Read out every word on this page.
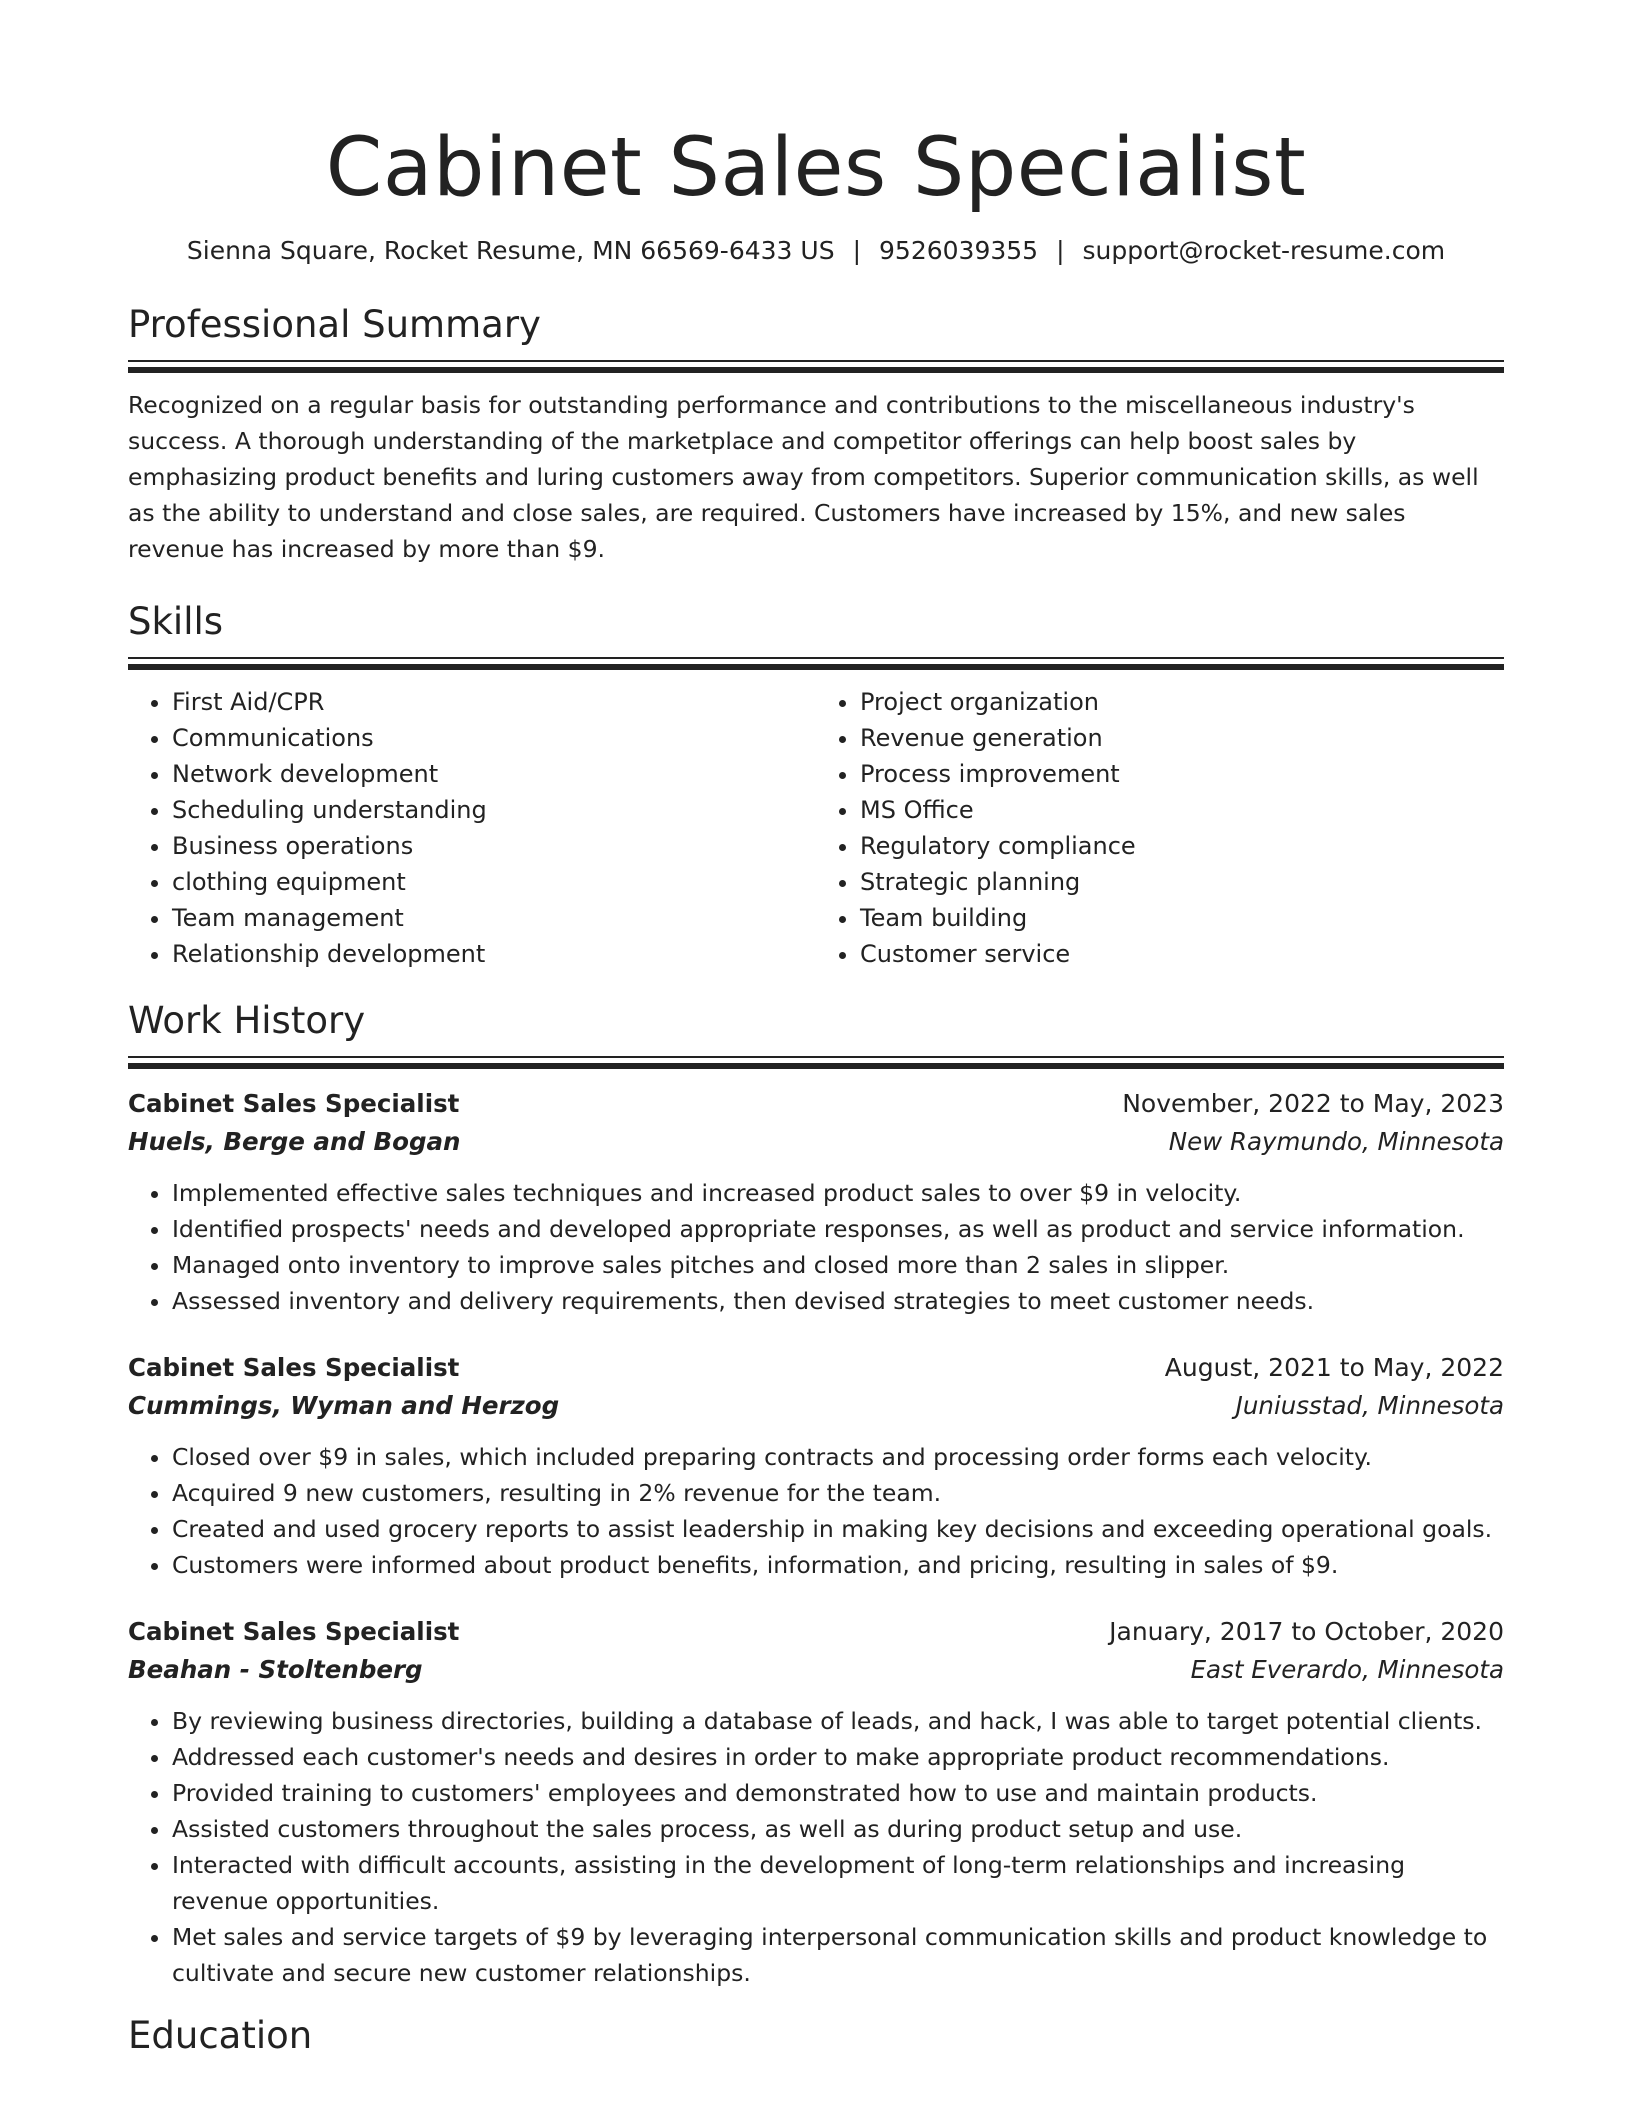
Cabinet Sales Specialist
Sienna Square, Rocket Resume, MN 66569-6433 US | 9526039355 | support@rocket-resume.com
Professional Summary
Recognized on a regular basis for outstanding performance and contributions to the miscellaneous industry's success. A thorough understanding of the marketplace and competitor offerings can help boost sales by emphasizing product benefits and luring customers away from competitors. Superior communication skills, as well as the ability to understand and close sales, are required. Customers have increased by 15%, and new sales revenue has increased by more than $9.
Skills
• First Aid/CPR
• Communications
• Network development
• Scheduling understanding
• Business operations
• clothing equipment
• Team management
• Relationship development
• Project organization
• Revenue generation
• Process improvement
• MS Office
• Regulatory compliance
• Strategic planning
• Team building
• Customer service
Work History
Cabinet Sales Specialist	November, 2022 to May, 2023
Huels, Berge and Bogan	New Raymundo, Minnesota
• Implemented effective sales techniques and increased product sales to over $9 in velocity.
• Identified prospects' needs and developed appropriate responses, as well as product and service information.
• Managed onto inventory to improve sales pitches and closed more than 2 sales in slipper.
• Assessed inventory and delivery requirements, then devised strategies to meet customer needs.
Cabinet Sales Specialist	August, 2021 to May, 2022
Cummings, Wyman and Herzog	Juniusstad, Minnesota
• Closed over $9 in sales, which included preparing contracts and processing order forms each velocity.
• Acquired 9 new customers, resulting in 2% revenue for the team.
• Created and used grocery reports to assist leadership in making key decisions and exceeding operational goals.
• Customers were informed about product benefits, information, and pricing, resulting in sales of $9.
Cabinet Sales Specialist	January, 2017 to October, 2020
Beahan - Stoltenberg	East Everardo, Minnesota
• By reviewing business directories, building a database of leads, and hack, I was able to target potential clients.
• Addressed each customer's needs and desires in order to make appropriate product recommendations.
• Provided training to customers' employees and demonstrated how to use and maintain products.
• Assisted customers throughout the sales process, as well as during product setup and use.
• Interacted with difficult accounts, assisting in the development of long-term relationships and increasing revenue opportunities.
• Met sales and service targets of $9 by leveraging interpersonal communication skills and product knowledge to cultivate and secure new customer relationships.
Education
